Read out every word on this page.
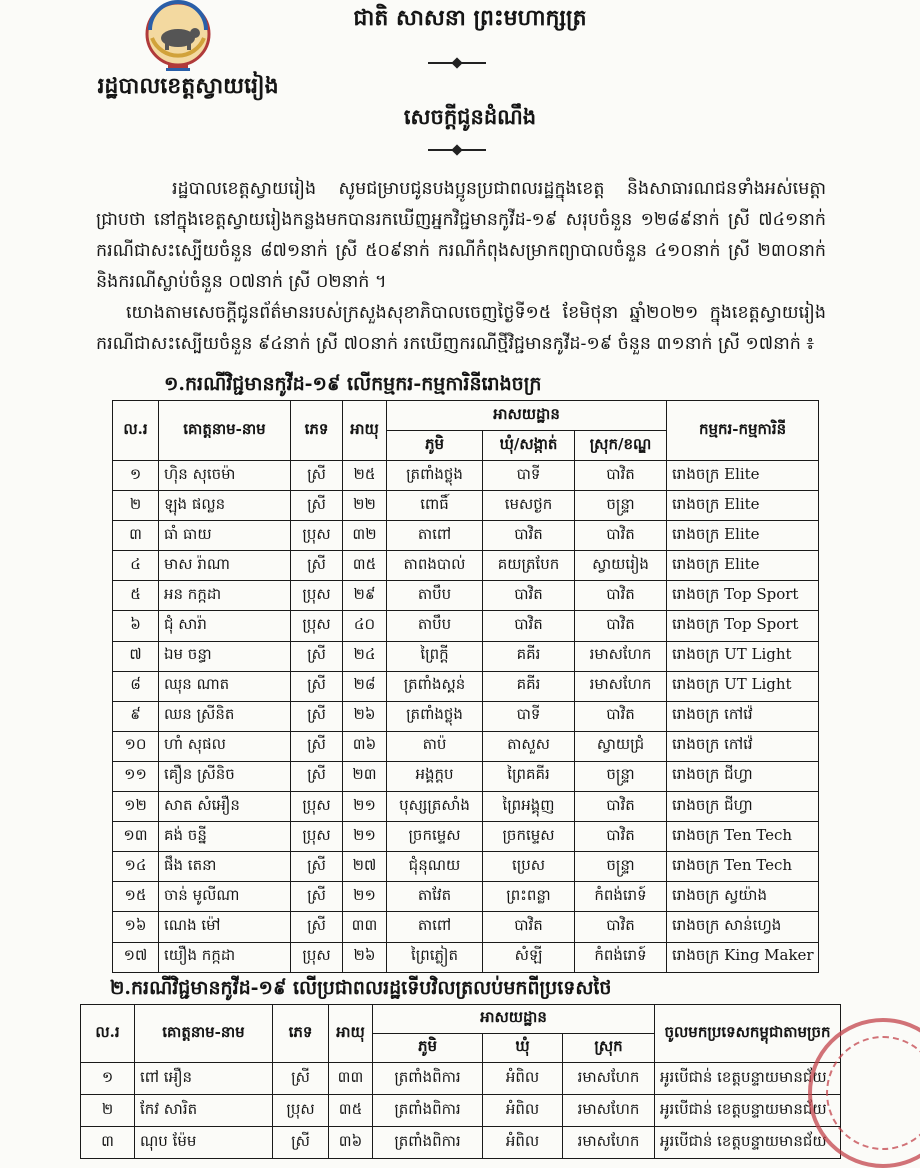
រដ្ឋបាលខេត្តស្វាយរៀង
ជាតិ សាសនា ព្រះមហាក្សត្រ
សេចក្ដីជូនដំណឹង

រដ្ឋបាលខេត្តស្វាយរៀង សូមជម្រាបជូនបងប្អូនប្រជាពលរដ្ឋក្នុងខេត្ត និងសាធារណជនទាំងអស់មេត្តាជ្រាបថា នៅក្នុងខេត្តស្វាយរៀងកន្លងមកបានរកឃើញអ្នកវិជ្ជមានកូវីដ-១៩ សរុបចំនួន ១២៨៩នាក់ ស្រី ៧៤១នាក់ ករណីជាសះស្បើយចំនួន ៨៧១នាក់ ស្រី ៥០៩នាក់ ករណីកំពុងសម្រាកព្យាបាលចំនួន ៤១០នាក់ ស្រី ២៣០នាក់ និងករណីស្លាប់ចំនួន ០៧នាក់ ស្រី ០២នាក់ ។

យោងតាមសេចក្ដីជូនព័ត៌មានរបស់ក្រសួងសុខាភិបាលចេញថ្ងៃទី១៥ ខែមិថុនា ឆ្នាំ២០២១ ក្នុងខេត្តស្វាយរៀង ករណីជាសះស្បើយចំនួន ៩៤នាក់ ស្រី ៧០នាក់ រកឃើញករណីថ្មីវិជ្ជមានកូវីដ-១៩ ចំនួន ៣១នាក់ ស្រី ១៧នាក់ ៖

១.ករណីវិជ្ជមានកូវីដ-១៩ លើកម្មករ-កម្មការិនីរោងចក្រ
ល.រ	គោត្តនាម-នាម	ភេទ	អាយុ	អាសយដ្ឋាន			កម្មករ-កម្មការិនី
				ភូមិ	ឃុំ/សង្កាត់	ស្រុក/ខណ្ឌ	
១	ហ៊ិន សុចេម៉ា	ស្រី	២៥	ត្រពាំងថ្លុង	បាទី	បាវិត	រោងចក្រ Elite
២	ឡុង ផល្លន	ស្រី	២២	ពោធិ៍	មេសថ្ងក	ចន្ទ្រា	រោងចក្រ Elite
៣	ធាំ ធាយ	ប្រុស	៣២	តាពៅ	បាវិត	បាវិត	រោងចក្រ Elite
៤	មាស រ៉ាណា	ស្រី	៣៥	តាពងបាល់	គយត្របែក	ស្វាយរៀង	រោងចក្រ Elite
៥	អន កក្កដា	ប្រុស	២៩	តាបឹប	បាវិត	បាវិត	រោងចក្រ Top Sport
៦	ជុំ សារ៉ា	ប្រុស	៤០	តាបឹប	បាវិត	បាវិត	រោងចក្រ Top Sport
៧	ឯម ចន្ធា	ស្រី	២៤	ព្រៃក្តី	គគីរ	រមាសហែក	រោងចក្រ UT Light
៨	ឈុន ណាត	ស្រី	២៨	ត្រពាំងស្គន់	គគីរ	រមាសហែក	រោងចក្រ UT Light
៩	ឈន ស្រីនិត	ស្រី	២៦	ត្រពាំងថ្លុង	បាទី	បាវិត	រោងចក្រ កៅវ៉េ
១០	ហាំ សុផល	ស្រី	៣៦	តាប៉	តាសួស	ស្វាយជ្រំ	រោងចក្រ កៅវ៉េ
១១	គឿន ស្រីនិច	ស្រី	២៣	អង្គក្ដប	ព្រៃគគីរ	ចន្ទ្រា	រោងចក្រ ជីហ្វា
១២	សាត សំអឿន	ប្រុស	២១	បុស្សត្រសាំង	ព្រៃអង្គុញ	បាវិត	រោងចក្រ ជីហ្វា
១៣	គង់ ចន្នី	ប្រុស	២១	ច្រកម្ទេស	ច្រកម្ទេស	បាវិត	រោងចក្រ Ten Tech
១៤	ផឹង តេនា	ស្រី	២៧	ជុំនុណយ	ប្រេស	ចន្ទ្រា	រោងចក្រ Ten Tech
១៥	ចាន់ មូលីណា	ស្រី	២១	តាវែត	ព្រះពន្លា	កំពង់រោទ៍	រោងចក្រ ស្វយ៉ាង
១៦	ណេង ម៉ៅ	ស្រី	៣៣	តាពៅ	បាវិត	បាវិត	រោងចក្រ សាន់ហ្វេង
១៧	យឿង កក្កដា	ប្រុស	២៦	ព្រៃភ្លៀត	សំឡី	កំពង់រោទ៍	រោងចក្រ King Maker
២.ករណីវិជ្ជមានកូវីដ-១៩ លើប្រជាពលរដ្ឋទើបវិលត្រលប់មកពីប្រទេសថៃ
ល.រ	គោត្តនាម-នាម	ភេទ	អាយុ	អាសយដ្ឋាន			ចូលមកប្រទេសកម្ពុជាតាមច្រក
				ភូមិ	ឃុំ	ស្រុក	
១	ពៅ អឿន	ស្រី	៣៣	ត្រពាំងពិការ	អំពិល	រមាសហែក	អូរបើជាន់ ខេត្តបន្ទាយមានជ័យ
២	កែវ សារិត	ប្រុស	៣៥	ត្រពាំងពិការ	អំពិល	រមាសហែក	អូរបើជាន់ ខេត្តបន្ទាយមានជ័យ
៣	ណុប ម៉ែម	ស្រី	៣៦	ត្រពាំងពិការ	អំពិល	រមាសហែក	អូរបើជាន់ ខេត្តបន្ទាយមានជ័យ
